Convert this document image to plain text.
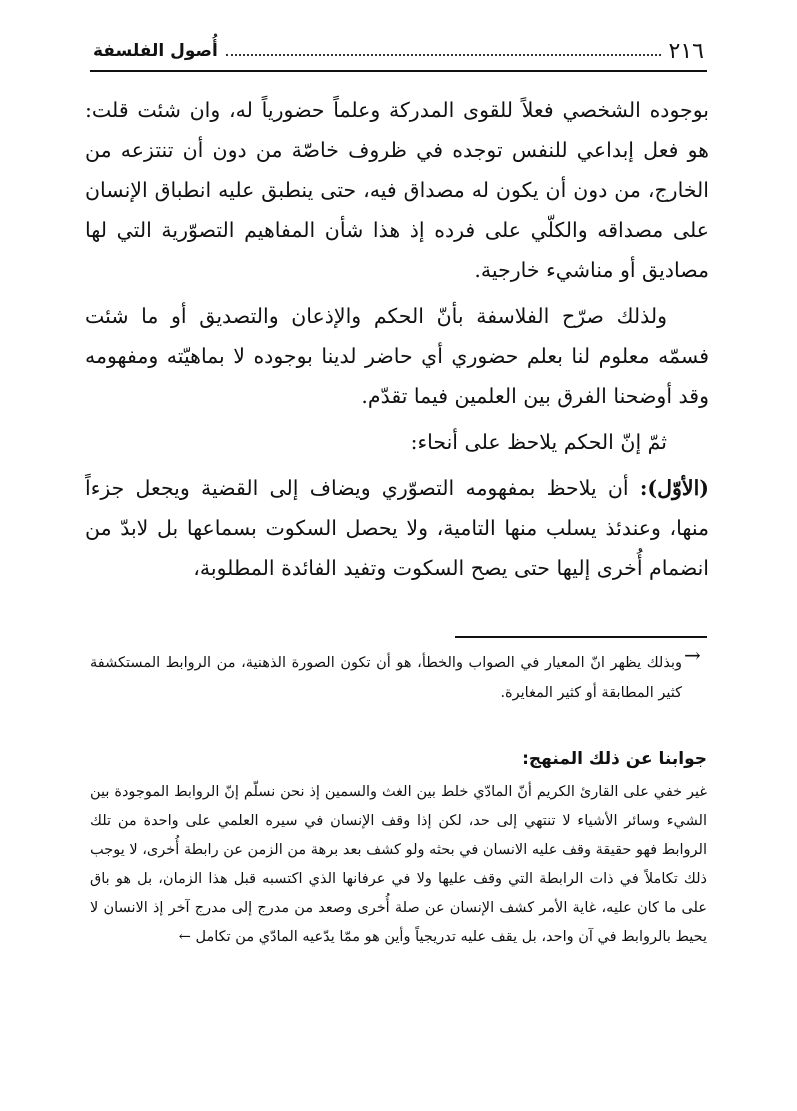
٢١٦
أُصول الفلسفة

بوجوده الشخصي فعلاً للقوى المدركة وعلماً حضورياً له، وان شئت قلت: هو فعل إبداعي للنفس توجده في ظروف خاصّة من دون أن تنتزعه من الخارج، من دون أن يكون له مصداق فيه، حتى ينطبق عليه انطباق الإنسان على مصداقه والكلّي على فرده إذ هذا شأن المفاهيم التصوّرية التي لها مصاديق أو مناشيء خارجية.

ولذلك صرّح الفلاسفة بأنّ الحكم والإذعان والتصديق أو ما شئت فسمّه معلوم لنا بعلم حضوري أي حاضر لدينا بوجوده لا بماهيّته ومفهومه وقد أوضحنا الفرق بين العلمين فيما تقدّم.

ثمّ إنّ الحكم يلاحظ على أنحاء:

(الأوّل): أن يلاحظ بمفهومه التصوّري ويضاف إلى القضية ويجعل جزءاً منها، وعندئذ يسلب منها التامية، ولا يحصل السكوت بسماعها بل لابدّ من انضمام أُخرى إليها حتى يصح السكوت وتفيد الفائدة المطلوبة،

→

وبذلك يظهر انّ المعيار في الصواب والخطأ، هو أن تكون الصورة الذهنية، من الروابط المستكشفة كثير المطابقة أو كثير المغايرة.

جوابنا عن ذلك المنهج:

غير خفي على القارئ الكريم أنّ المادّي خلط بين الغث والسمين إذ نحن نسلّم إنّ الروابط الموجودة بين الشيء وسائر الأشياء لا تنتهي إلى حد، لكن إذا وقف الإنسان في سيره العلمي على واحدة من تلك الروابط فهو حقيقة وقف عليه الانسان في بحثه ولو كشف بعد برهة من الزمن عن رابطة أُخرى، لا يوجب ذلك تكاملاً في ذات الرابطة التي وقف عليها ولا في عرفانها الذي اكتسبه قبل هذا الزمان، بل هو باق على ما كان عليه، غاية الأمر كشف الإنسان عن صلة أُخرى وصعد من مدرج إلى مدرج آخر إذ الانسان لا يحيط بالروابط في آن واحد، بل يقف عليه تدريجياً وأين هو ممّا يدّعيه المادّي من تكامل ←
